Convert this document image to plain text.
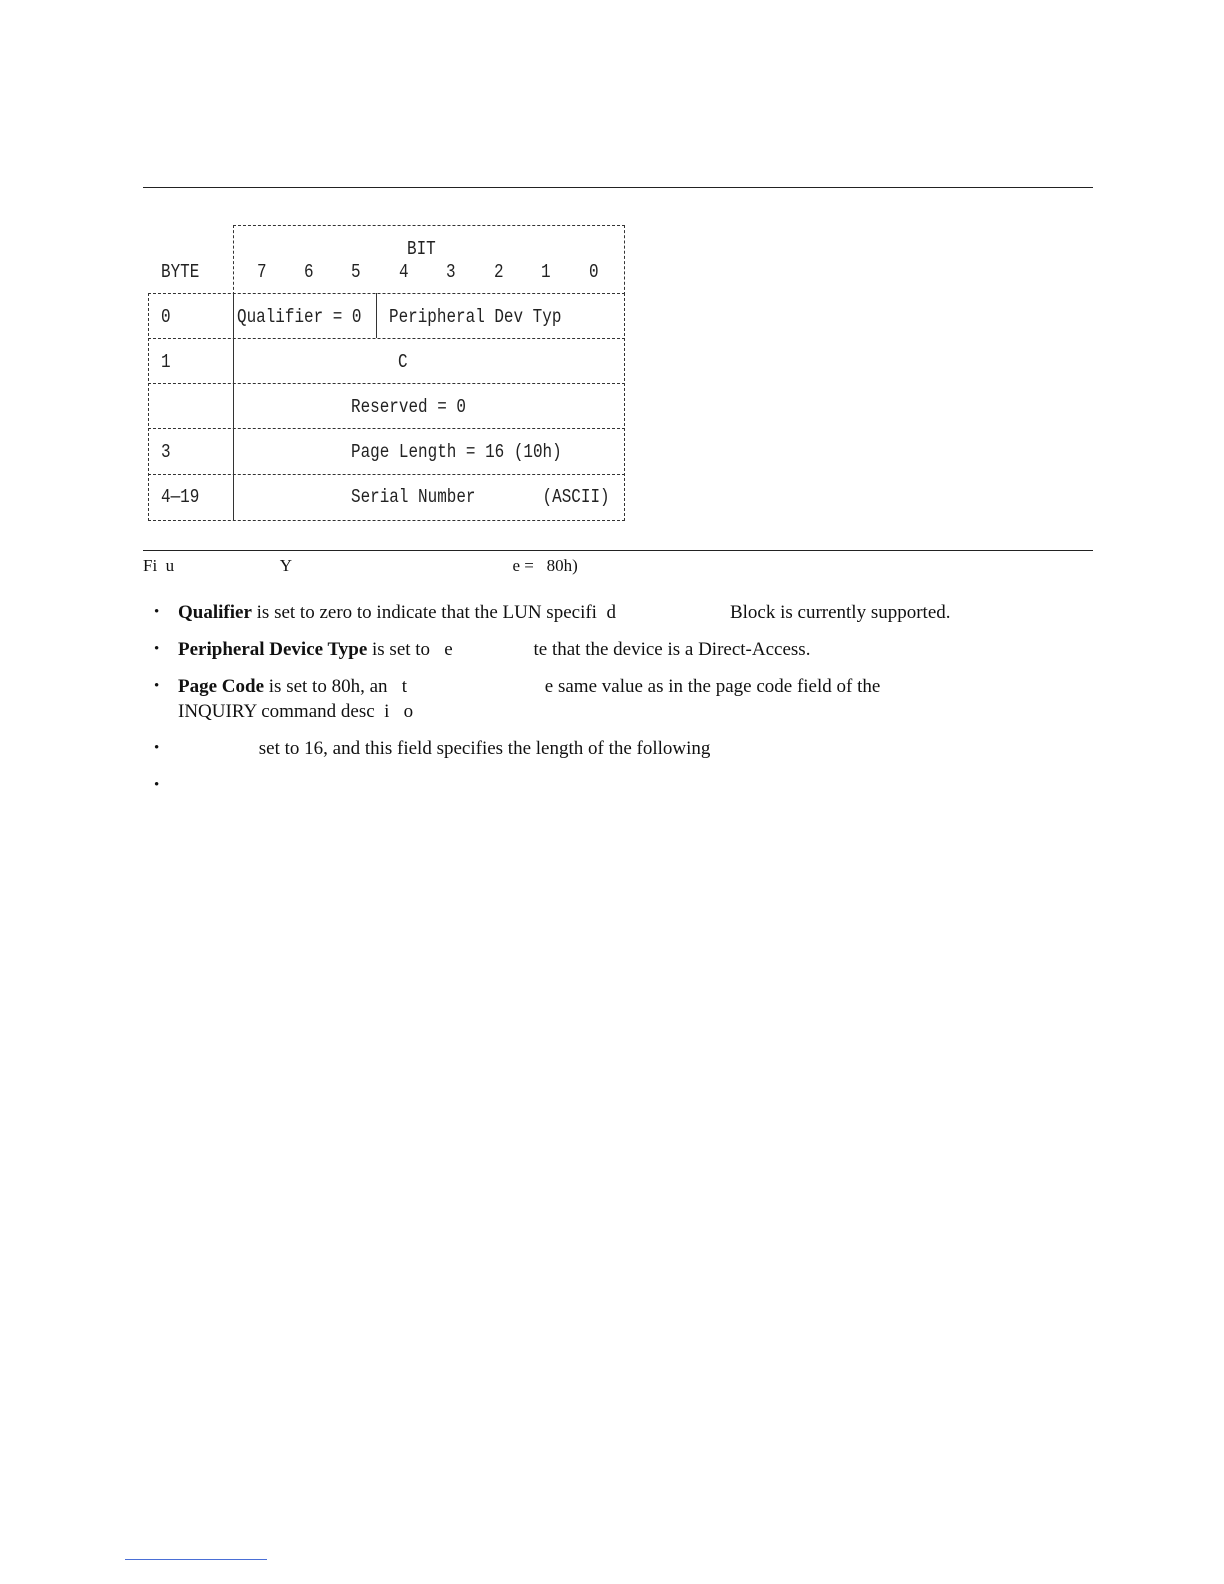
BIT
BYTE	7 6 5 4 3 2 1 0
0	Qualifier = 0 Peripheral Dev Typ
1	C
Reserved = 0
3	Page Length = 16 (10h)
4—19	Serial Number       (ASCII)
Fi  u                         Y                                                    e =   80h)
• Qualifier is set to zero to indicate that the LUN specifi  d                        Block is currently supported.
• Peripheral Device Type is set to   e                 te that the device is a Direct-Access.
• Page Code is set to 80h, an   t                             e same value as in the page code field of the
INQUIRY command desc  i   o
• set to 16, and this field specifies the length of the following
•
